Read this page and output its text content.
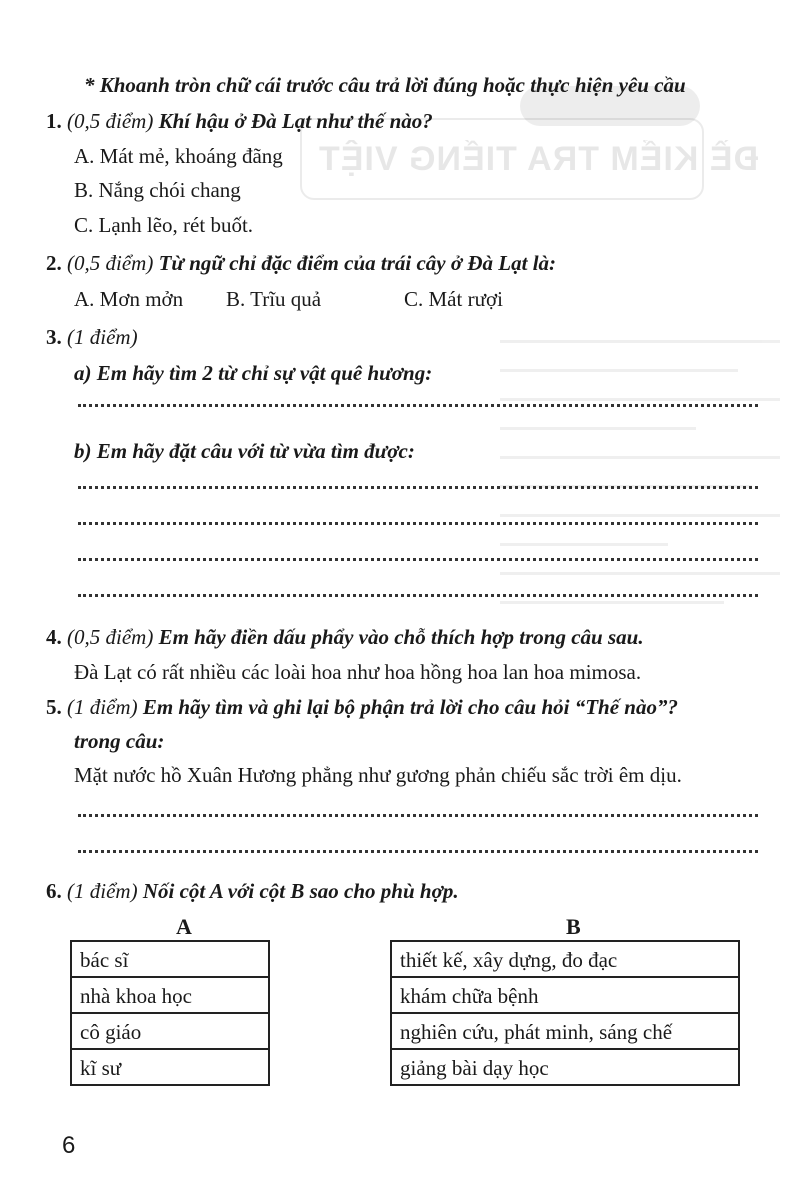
ĐỀ KIỂM TRA TIẾNG VIỆT
* Khoanh tròn chữ cái trước câu trả lời đúng hoặc thực hiện yêu cầu
1. (0,5 điểm) Khí hậu ở Đà Lạt như thế nào?
A. Mát mẻ, khoáng đãng
B. Nắng chói chang
C. Lạnh lẽo, rét buốt.
2. (0,5 điểm) Từ ngữ chỉ đặc điểm của trái cây ở Đà Lạt là:
A. Mơn mởn B. Trĩu quả	C. Mát rượi
3. (1 điểm)
a) Em hãy tìm 2 từ chỉ sự vật quê hương:
b) Em hãy đặt câu với từ vừa tìm được:
4. (0,5 điểm) Em hãy điền dấu phẩy vào chỗ thích hợp trong câu sau.
Đà Lạt có rất nhiều các loài hoa như hoa hồng hoa lan hoa mimosa.
5. (1 điểm) Em hãy tìm và ghi lại bộ phận trả lời cho câu hỏi “Thế nào”?
trong câu:
Mặt nước hồ Xuân Hương phẳng như gương phản chiếu sắc trời êm dịu.
6. (1 điểm) Nối cột A với cột B sao cho phù hợp.
A	B
bác sĩ
nhà khoa học
cô giáo
kĩ sư
thiết kế, xây dựng, đo đạc
khám chữa bệnh
nghiên cứu, phát minh, sáng chế
giảng bài dạy học
6
